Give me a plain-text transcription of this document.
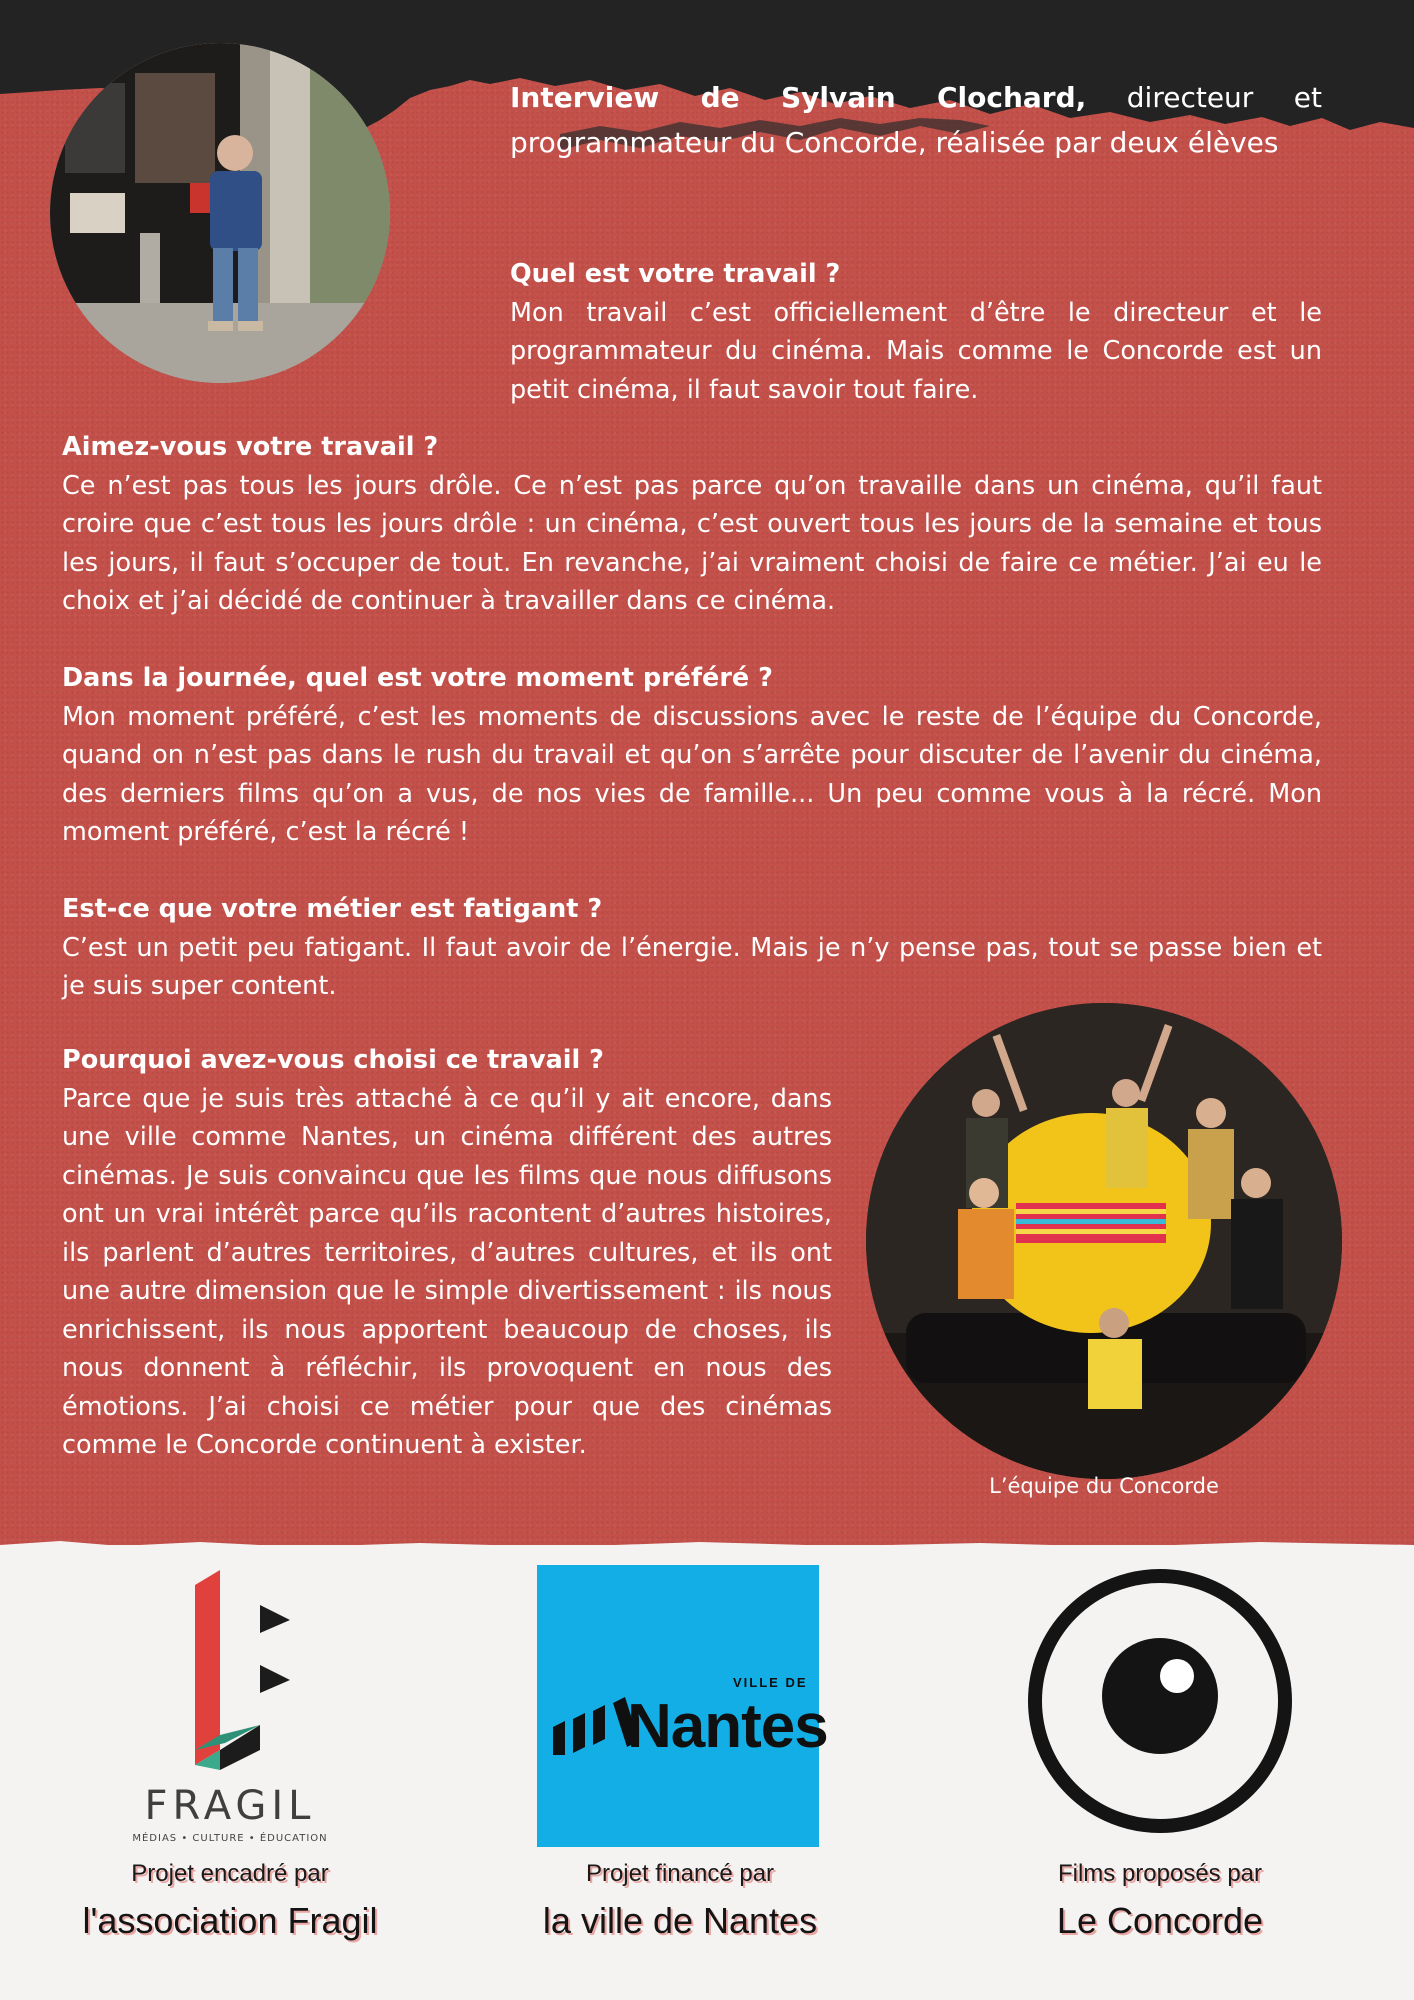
Interview de Sylvain Clochard, directeur et programmateur du Concorde, réalisée par deux élèves
Quel est votre travail ?
Mon travail c’est officiellement d’être le directeur et le programmateur du cinéma. Mais comme le Concorde est un petit cinéma, il faut savoir tout faire.
Aimez-vous votre travail ?
Ce n’est pas tous les jours drôle. Ce n’est pas parce qu’on travaille dans un cinéma, qu’il faut croire que c’est tous les jours drôle : un cinéma, c’est ouvert tous les jours de la semaine et tous les jours, il faut s’occuper de tout. En revanche, j’ai vraiment choisi de faire ce métier. J’ai eu le choix et j’ai décidé de continuer à travailler dans ce cinéma.
Dans la journée, quel est votre moment préféré ?
Mon moment préféré, c’est les moments de discussions avec le reste de l’équipe du Concorde, quand on n’est pas dans le rush du travail et qu’on s’arrête pour discuter de l’avenir du cinéma, des derniers films qu’on a vus, de nos vies de famille... Un peu comme vous à la récré. Mon moment préféré, c’est la récré !
Est-ce que votre métier est fatigant ?
C’est un petit peu fatigant. Il faut avoir de l’énergie. Mais je n’y pense pas, tout se passe bien et je suis super content.
Pourquoi avez-vous choisi ce travail ?
Parce que je suis très attaché à ce qu’il y ait encore, dans une ville comme Nantes, un cinéma différent des autres cinémas. Je suis convaincu que les films que nous diffusons ont un vrai intérêt parce qu’ils racontent d’autres histoires, ils parlent d’autres territoires, d’autres cultures, et ils ont une autre dimension que le simple divertissement : ils nous enrichissent, ils nous apportent beaucoup de choses, ils nous donnent à réfléchir, ils provoquent en nous des émotions. J’ai choisi ce métier pour que des cinémas comme le Concorde continuent à exister.
L’équipe du Concorde
FRAGIL
MÉDIAS • CULTURE • ÉDUCATION
Projet encadré par
l'association Fragil
VILLE DE
Nantes
Projet financé par
la ville de Nantes
Films proposés par
Le Concorde
